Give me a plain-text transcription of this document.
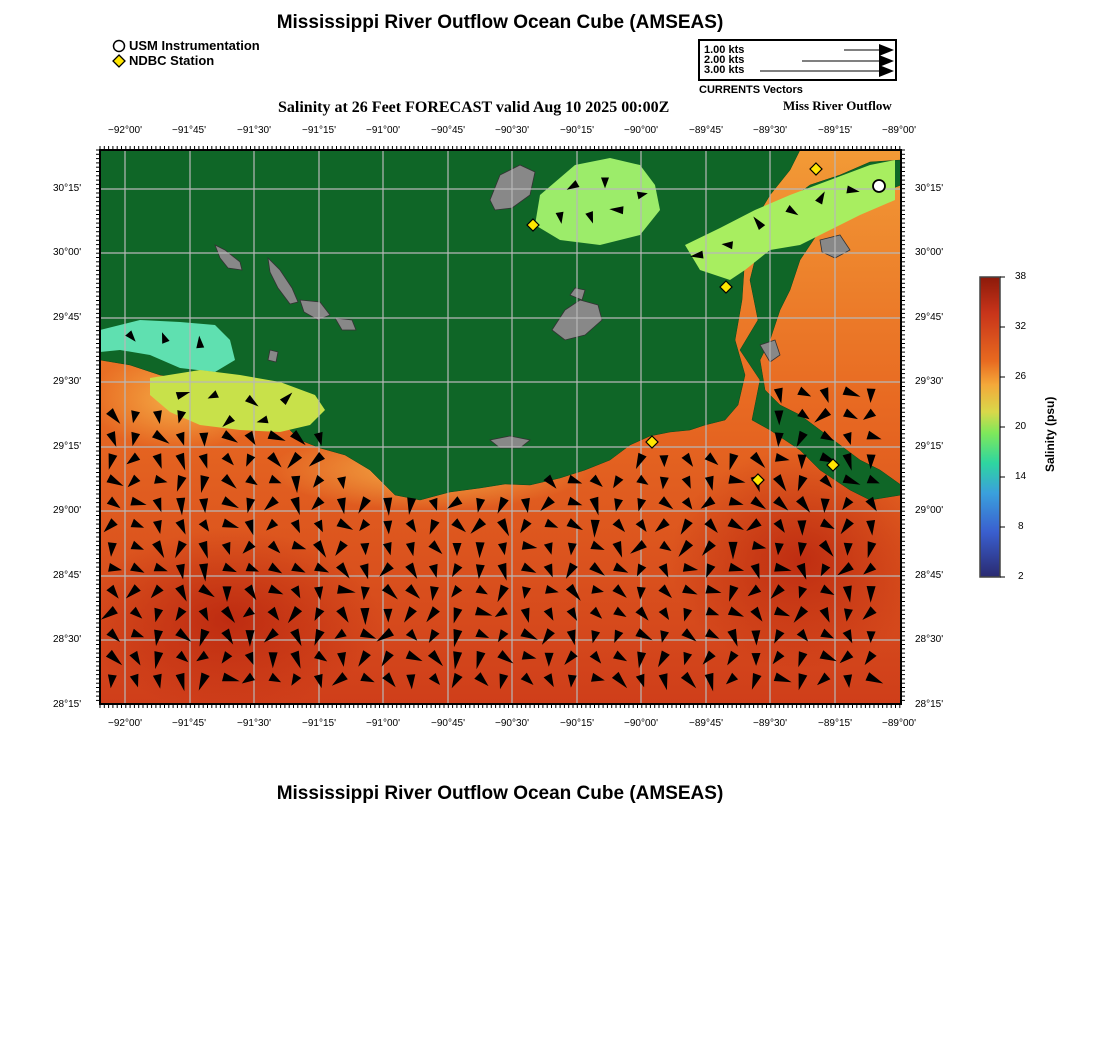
Mississippi River Outflow Ocean Cube (AMSEAS)
USM Instrumentation
NDBC Station
1.00 kts
2.00 kts
3.00 kts
CURRENTS Vectors
Salinity at 26 Feet FORECAST valid Aug 10 2025 00:00Z	Miss River Outflow
−92°00'	−91°45'	−91°30'	−91°15'	−91°00'	−90°45'	−90°30'	−90°15'	−90°00'	−89°45'	−89°30'	−89°15'	−89°00'
−92°00'	−91°45'	−91°30'	−91°15'	−91°00'	−90°45'	−90°30'	−90°15'	−90°00'	−89°45'	−89°30'	−89°15'	−89°00'
30°15'
30°00'
29°45'
29°30'
29°15'
29°00'
28°45'
28°30'
28°15'
30°15'
30°00'
29°45'
29°30'
29°15'
29°00'
28°45'
28°30'
28°15'
38
32
26
20
14
8
2
Salinity (psu)
Mississippi River Outflow Ocean Cube (AMSEAS)
